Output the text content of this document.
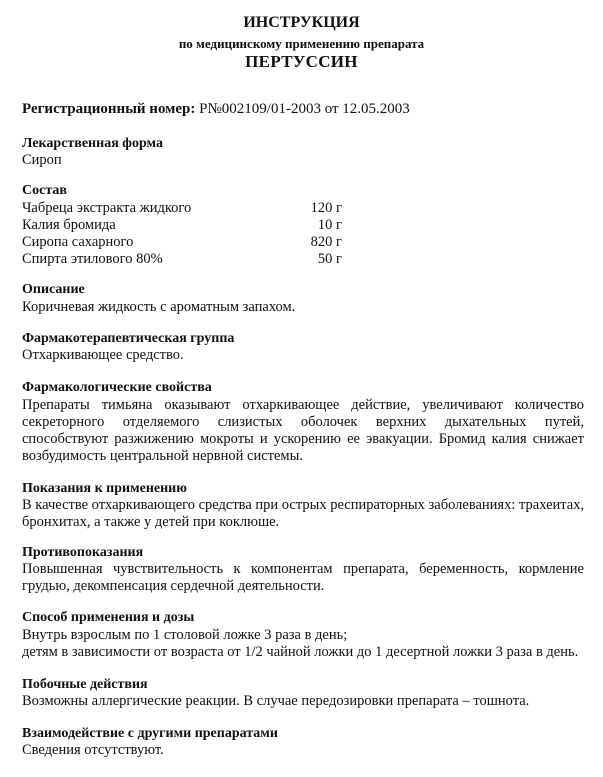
ИНСТРУКЦИЯ
по медицинскому применению препарата
ПЕРТУССИН
Регистрационный номер: Р№002109/01-2003 от 12.05.2003
Лекарственная форма
Сироп
Состав
Чабреца экстракта жидкого	120 г
Калия бромида	10 г
Сиропа сахарного	820 г
Спирта этилового 80%	50 г
Описание
Коричневая жидкость с ароматным запахом.
Фармакотерапевтическая группа
Отхаркивающее средство.
Фармакологические свойства
Препараты тимьяна оказывают отхаркивающее действие, увеличивают количество
секреторного отделяемого слизистых оболочек верхних дыхательных путей,
способствуют разжижению мокроты и ускорению ее эвакуации. Бромид калия снижает
возбудимость центральной нервной системы.
Показания к применению
В качестве отхаркивающего средства при острых респираторных заболеваниях: трахеитах,
бронхитах, а также у детей при коклюше.
Противопоказания
Повышенная чувствительность к компонентам препарата, беременность, кормление
грудью, декомпенсация сердечной деятельности.
Способ применения и дозы
Внутрь взрослым по 1 столовой ложке 3 раза в день;
детям в зависимости от возраста от 1/2 чайной ложки до 1 десертной ложки 3 раза в день.
Побочные действия
Возможны аллергические реакции. В случае передозировки препарата – тошнота.
Взаимодействие с другими препаратами
Сведения отсутствуют.
